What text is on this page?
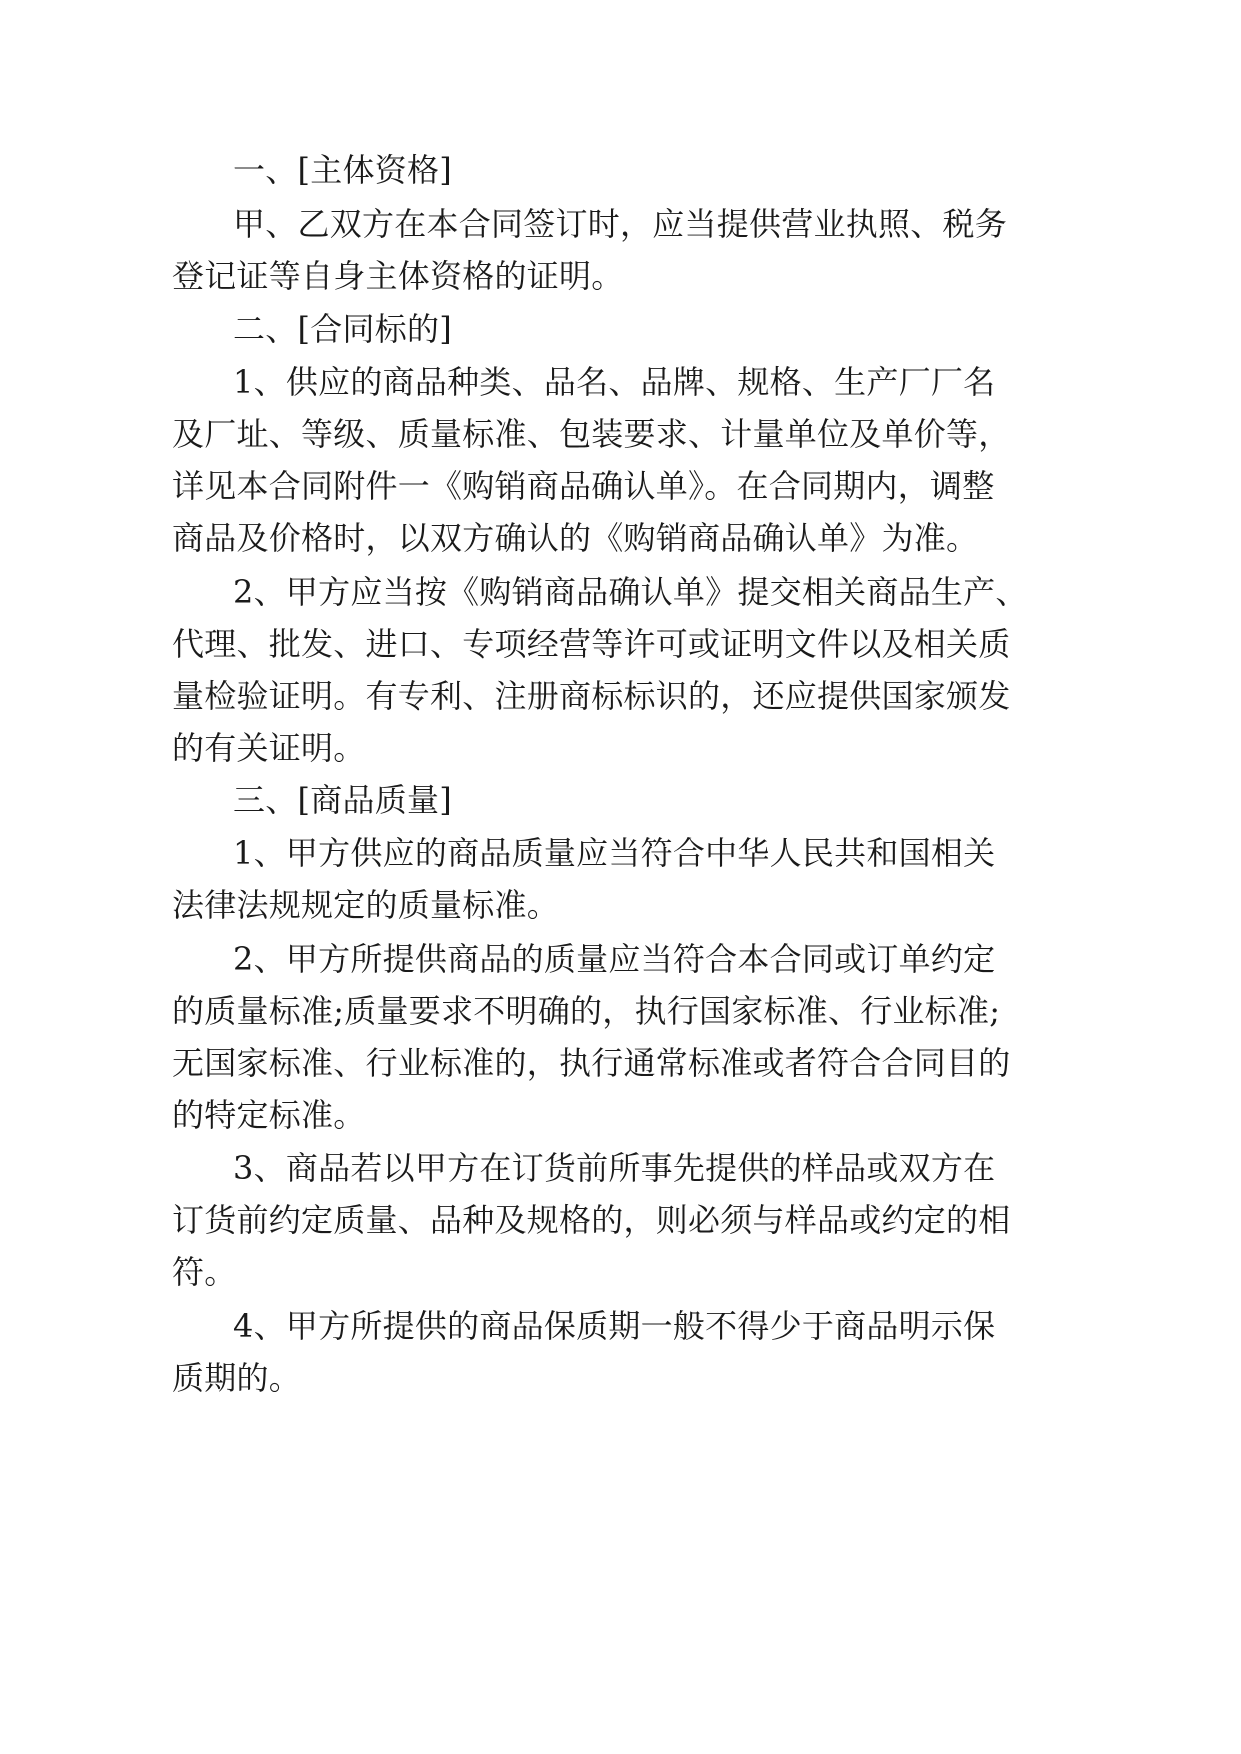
一、[主体资格]

甲、乙双方在本合同签订时，应当提供营业执照、税务

登记证等自身主体资格的证明。

二、[合同标的]

1、供应的商品种类、品名、品牌、规格、生产厂厂名

及厂址、等级、质量标准、包装要求、计量单位及单价等，

详见本合同附件一《购销商品确认单》。在合同期内，调整

商品及价格时，以双方确认的《购销商品确认单》为准。

2、甲方应当按《购销商品确认单》提交相关商品生产、

代理、批发、进口、专项经营等许可或证明文件以及相关质

量检验证明。有专利、注册商标标识的，还应提供国家颁发

的有关证明。

三、[商品质量]

1、甲方供应的商品质量应当符合中华人民共和国相关

法律法规规定的质量标准。

2、甲方所提供商品的质量应当符合本合同或订单约定

的质量标准;质量要求不明确的，执行国家标准、行业标准;

无国家标准、行业标准的，执行通常标准或者符合合同目的

的特定标准。

3、商品若以甲方在订货前所事先提供的样品或双方在

订货前约定质量、品种及规格的，则必须与样品或约定的相

符。

4、甲方所提供的商品保质期一般不得少于商品明示保

质期的。
